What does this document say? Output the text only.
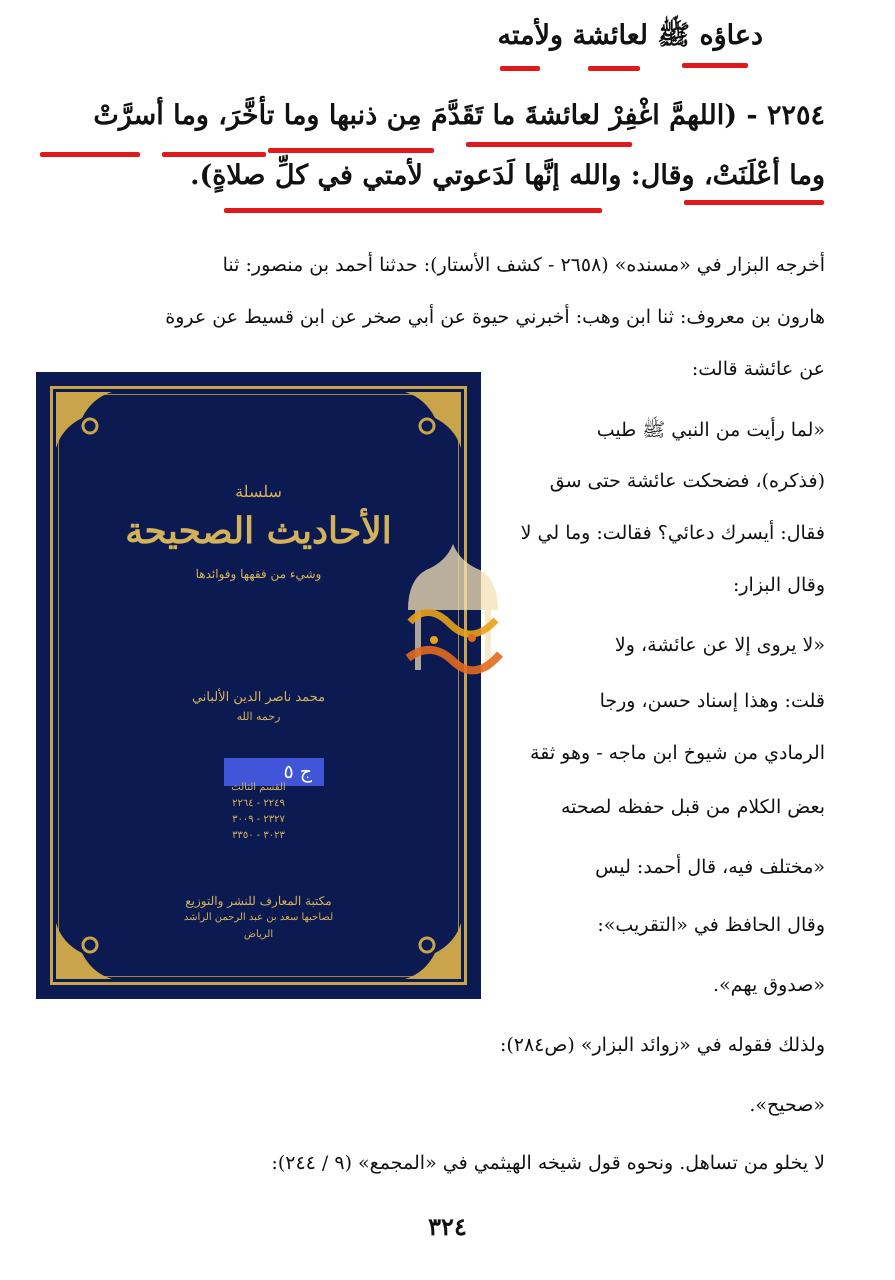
دعاؤه ﷺ لعائشة ولأمته
٢٢٥٤ - (اللهمَّ اغْفِرْ لعائشةَ ما تَقَدَّمَ مِن ذنبها وما تأخَّرَ، وما أسرَّتْ
وما أعْلَنَتْ، وقال: والله إنَّها لَدَعوتي لأمتي في كلِّ صلاةٍ).
أخرجه البزار في «مسنده» (٢٦٥٨ - كشف الأستار): حدثنا أحمد بن منصور: ثنا
هارون بن معروف: ثنا ابن وهب: أخبرني حيوة عن أبي صخر عن ابن قسيط عن عروة
عن عائشة قالت:
«لما رأيت من النبي ﷺ طيب
(فذكره)، فضحكت عائشة حتى سق
فقال: أيسرك دعائي؟ فقالت: وما لي لا
وقال البزار:
«لا يروى إلا عن عائشة، ولا
قلت: وهذا إسناد حسن، ورجا
الرمادي من شيوخ ابن ماجه - وهو ثقة
بعض الكلام من قبل حفظه لصحته
«مختلف فيه، قال أحمد: ليس
وقال الحافظ في «التقريب»:
«صدوق يهم».
ولذلك فقوله في «زوائد البزار» (ص٢٨٤):
«صحيح».
لا يخلو من تساهل. ونحوه قول شيخه الهيثمي في «المجمع» (٩ / ٢٤٤):
٣٢٤
سلسلة
الأحاديث الصحيحة
وشيء من فقهها وفوائدها
محمد ناصر الدين الألباني
رحمه الله
ج ٥
القسم الثالث
٢٢٤٩ - ٢٢٦٤
٢٣٢٧ - ٣٠٠٩
٣٠٢٣ - ٣٣٥٠
مكتبة المعارف للنشر والتوزيع
لصاحبها سعد بن عبد الرحمن الراشد
الرياض
